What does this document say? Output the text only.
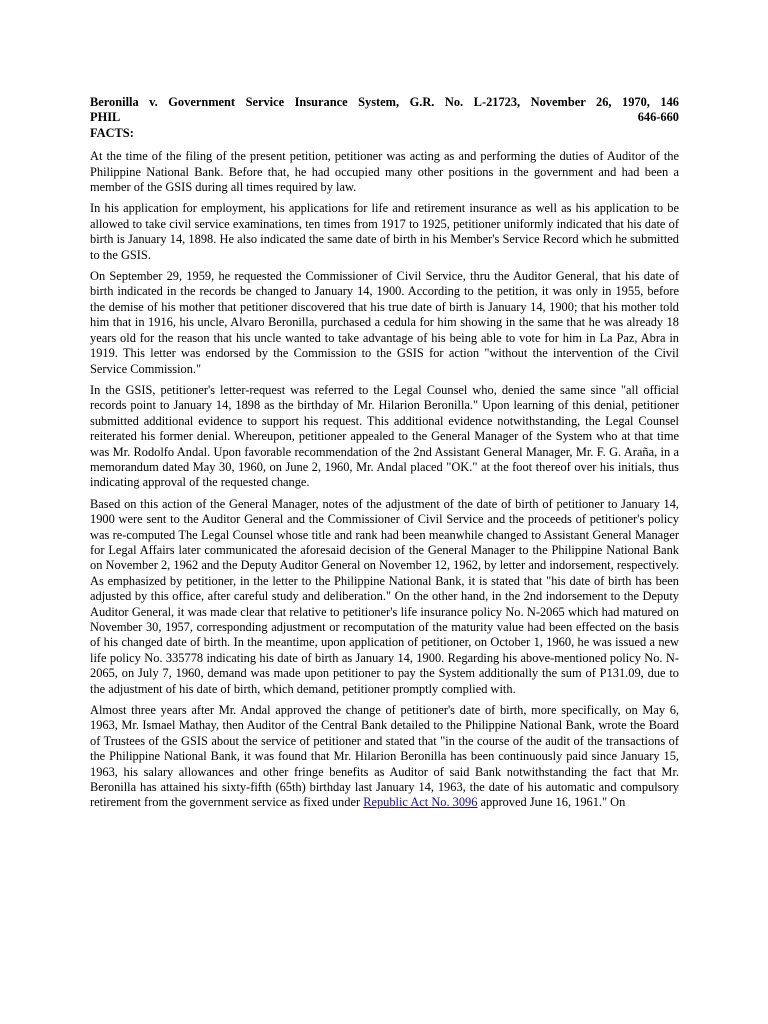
Beronilla v. Government Service Insurance System, G.R. No. L-21723, November 26, 1970, 146

PHIL	646-660

FACTS:

At the time of the filing of the present petition, petitioner was acting as and performing the duties of Auditor of the Philippine National Bank. Before that, he had occupied many other positions in the government and had been a member of the GSIS during all times required by law.

In his application for employment, his applications for life and retirement insurance as well as his application to be allowed to take civil service examinations, ten times from 1917 to 1925, petitioner uniformly indicated that his date of birth is January 14, 1898. He also indicated the same date of birth in his Member's Service Record which he submitted to the GSIS.

On September 29, 1959, he requested the Commissioner of Civil Service, thru the Auditor General, that his date of birth indicated in the records be changed to January 14, 1900. According to the petition, it was only in 1955, before the demise of his mother that petitioner discovered that his true date of birth is January 14, 1900; that his mother told him that in 1916, his uncle, Alvaro Beronilla, purchased a cedula for him showing in the same that he was already 18 years old for the reason that his uncle wanted to take advantage of his being able to vote for him in La Paz, Abra in 1919. This letter was endorsed by the Commission to the GSIS for action "without the intervention of the Civil Service Commission."

In the GSIS, petitioner's letter-request was referred to the Legal Counsel who, denied the same since "all official records point to January 14, 1898 as the birthday of Mr. Hilarion Beronilla." Upon learning of this denial, petitioner submitted additional evidence to support his request. This additional evidence notwithstanding, the Legal Counsel reiterated his former denial. Whereupon, petitioner appealed to the General Manager of the System who at that time was Mr. Rodolfo Andal. Upon favorable recommendation of the 2nd Assistant General Manager, Mr. F. G. Araña, in a memorandum dated May 30, 1960, on June 2, 1960, Mr. Andal placed "OK." at the foot thereof over his initials, thus indicating approval of the requested change.

Based on this action of the General Manager, notes of the adjustment of the date of birth of petitioner to January 14, 1900 were sent to the Auditor General and the Commissioner of Civil Service and the proceeds of petitioner's policy was re-computed The Legal Counsel whose title and rank had been meanwhile changed to Assistant General Manager for Legal Affairs later communicated the aforesaid decision of the General Manager to the Philippine National Bank on November 2, 1962 and the Deputy Auditor General on November 12, 1962, by letter and indorsement, respectively. As emphasized by petitioner, in the letter to the Philippine National Bank, it is stated that "his date of birth has been adjusted by this office, after careful study and deliberation." On the other hand, in the 2nd indorsement to the Deputy Auditor General, it was made clear that relative to petitioner's life insurance policy No. N-2065 which had matured on November 30, 1957, corresponding adjustment or recomputation of the maturity value had been effected on the basis of his changed date of birth. In the meantime, upon application of petitioner, on October 1, 1960, he was issued a new life policy No. 335778 indicating his date of birth as January 14, 1900. Regarding his above-mentioned policy No. N-2065, on July 7, 1960, demand was made upon petitioner to pay the System additionally the sum of P131.09, due to the adjustment of his date of birth, which demand, petitioner promptly complied with.

Almost three years after Mr. Andal approved the change of petitioner's date of birth, more specifically, on May 6, 1963, Mr. Ismael Mathay, then Auditor of the Central Bank detailed to the Philippine National Bank, wrote the Board of Trustees of the GSIS about the service of petitioner and stated that "in the course of the audit of the transactions of the Philippine National Bank, it was found that Mr. Hilarion Beronilla has been continuously paid since January 15, 1963, his salary allowances and other fringe benefits as Auditor of said Bank notwithstanding the fact that Mr. Beronilla has attained his sixty-fifth (65th) birthday last January 14, 1963, the date of his automatic and compulsory retirement from the government service as fixed under Republic Act No. 3096 approved June 16, 1961." On
